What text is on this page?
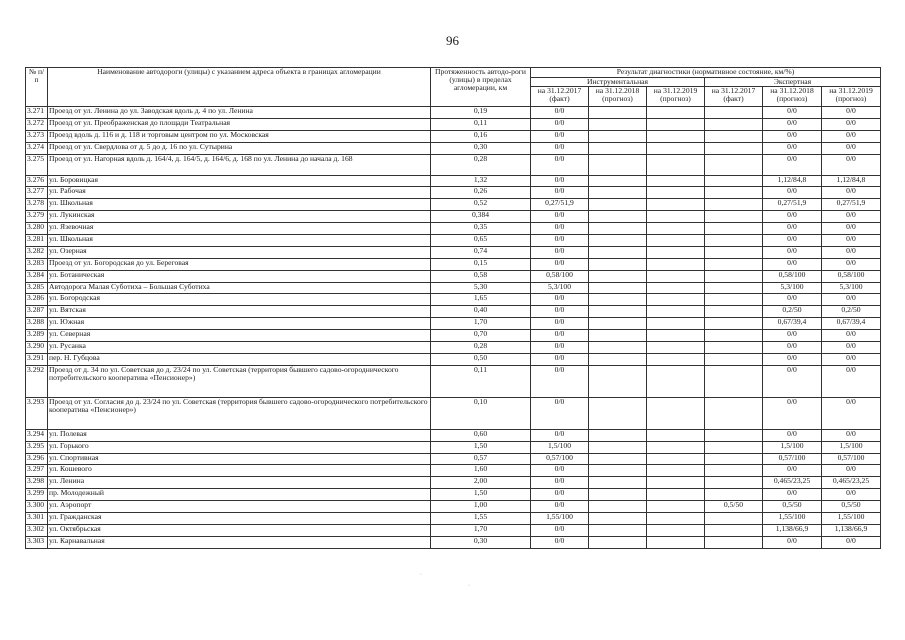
96
№ п/п	Наименование автодороги (улицы) с указанием адреса объекта в границах агломерации	Протяженность автодо-роги (улицы) в пределах агломерации, км	Результат диагностики (нормативное состояние, км/%)					
			Инструментальная			Экспертная		
			на 31.12.2017 (факт)	на 31.12.2018 (прогноз)	на 31.12.2019 (прогноз)	на 31.12.2017 (факт)	на 31.12.2018 (прогноз)	на 31.12.2019 (прогноз)
3.271	Проезд от ул. Ленина до ул. Заводская вдоль д. 4 по ул. Ленина	0,19	0/0				0/0	0/0
3.272	Проезд от ул. Преображенская до площади Театральная	0,11	0/0				0/0	0/0
3.273	Проезд вдоль д. 116 и д. 118 и торговым центром по ул. Московская	0,16	0/0				0/0	0/0
3.274	Проезд от ул. Свердлова от д. 5 до д. 16 по ул. Сутырина	0,30	0/0				0/0	0/0
3.275	Проезд от ул. Нагорная вдоль д. 164/4, д. 164/5, д. 164/6, д. 168 по ул. Ленина до начала д. 168	0,28	0/0				0/0	0/0
3.276	ул. Боровицкая	1,32	0/0				1,12/84,8	1,12/84,8
3.277	ул. Рабочая	0,26	0/0				0/0	0/0
3.278	ул. Школьная	0,52	0,27/51,9				0,27/51,9	0,27/51,9
3.279	ул. Лукинская	0,384	0/0				0/0	0/0
3.280	ул. Язевочная	0,35	0/0				0/0	0/0
3.281	ул. Школьная	0,65	0/0				0/0	0/0
3.282	ул. Озерная	0,74	0/0				0/0	0/0
3.283	Проезд от ул. Богородская до ул. Береговая	0,15	0/0				0/0	0/0
3.284	ул. Ботаническая	0,58	0,58/100				0,58/100	0,58/100
3.285	Автодорога Малая Суботиха – Большая Суботиха	5,30	5,3/100				5,3/100	5,3/100
3.286	ул. Богородская	1,65	0/0				0/0	0/0
3.287	ул. Вятская	0,40	0/0				0,2/50	0,2/50
3.288	ул. Южная	1,70	0/0				0,67/39,4	0,67/39,4
3.289	ул. Северная	0,70	0/0				0/0	0/0
3.290	ул. Русанка	0,28	0/0				0/0	0/0
3.291	пер. Н. Губцова	0,50	0/0				0/0	0/0
3.292	Проезд от д. 34 по ул. Советская до д. 23/24 по ул. Советская (территория бывшего садово-огороднического потребительского кооператива «Пенсионер»)	0,11	0/0				0/0	0/0
3.293	Проезд от ул. Согласия до д. 23/24 по ул. Советская (территория бывшего садово-огороднического потребительского кооператива «Пенсионер»)	0,10	0/0				0/0	0/0
3.294	ул. Полевая	0,60	0/0				0/0	0/0
3.295	ул. Горького	1,50	1,5/100				1,5/100	1,5/100
3.296	ул. Спортивная	0,57	0,57/100				0,57/100	0,57/100
3.297	ул. Кошевого	1,60	0/0				0/0	0/0
3.298	ул. Ленина	2,00	0/0				0,465/23,25	0,465/23,25
3.299	пр. Молодежный	1,50	0/0				0/0	0/0
3.300	ул. Аэропорт	1,00	0/0			0,5/50	0,5/50	0,5/50
3.301	ул. Гражданская	1,55	1,55/100				1,55/100	1,55/100
3.302	ул. Октябрьская	1,70	0/0				1,138/66,9	1,138/66,9
3.303	ул. Карнавальная	0,30	0/0				0/0	0/0
·
·
